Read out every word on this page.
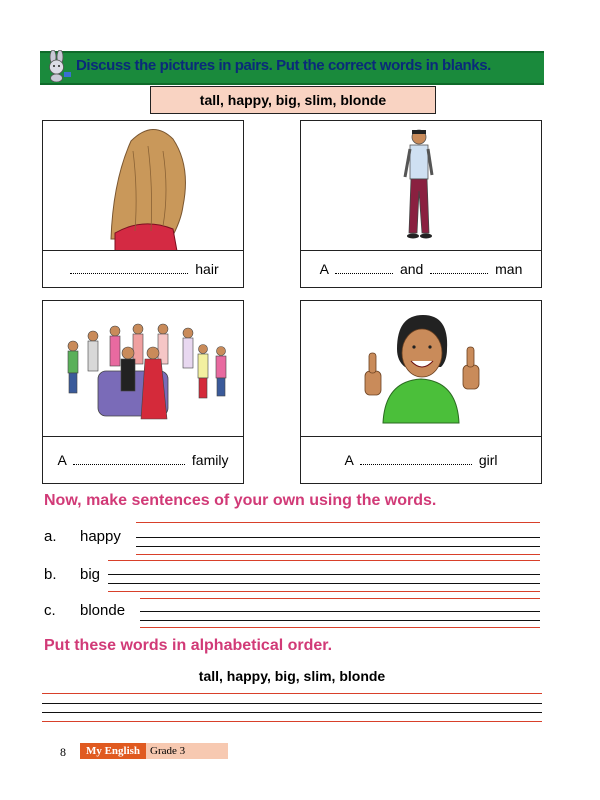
Discuss the pictures in pairs. Put the correct words in blanks.
tall, happy, big, slim, blonde
hair	A	and	man
A	family	A	girl
Now, make sentences of your own using the words.
a. happy
b. big
c. blonde
Put these words in alphabetical order.
tall, happy, big, slim, blonde
8	My English Grade 3
